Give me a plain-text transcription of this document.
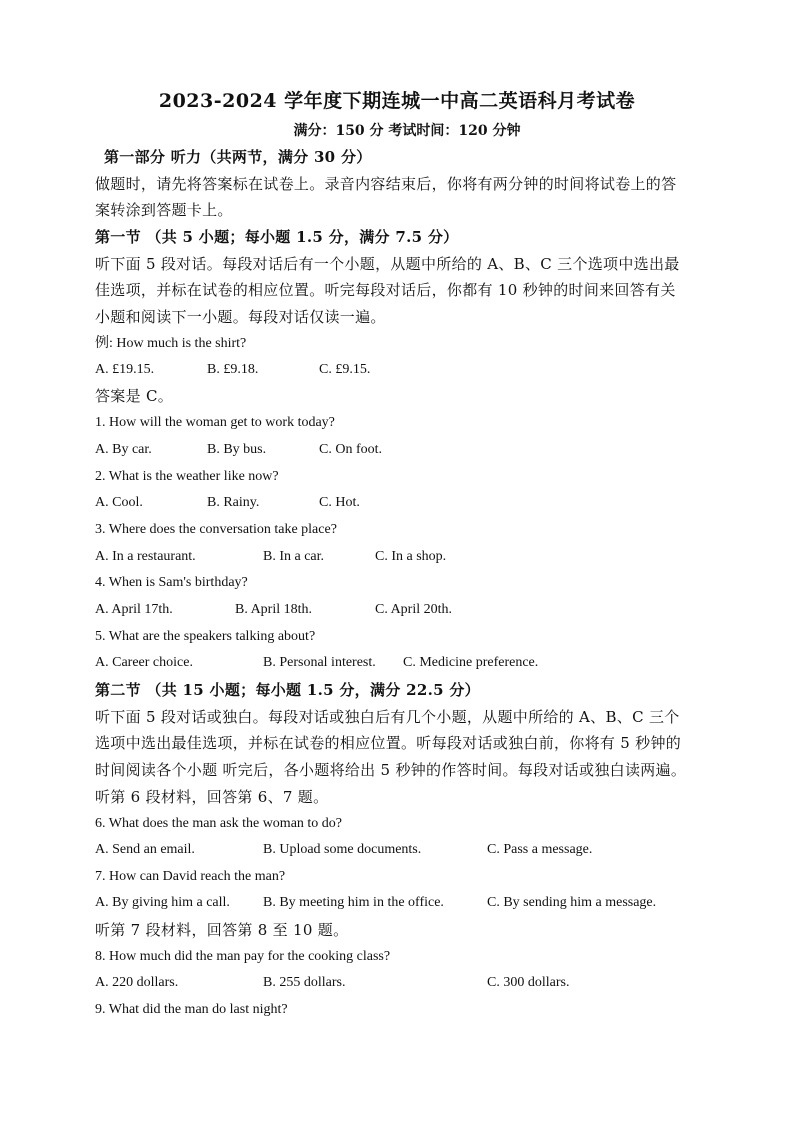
2023-2024 学年度下期连城一中高二英语科月考试卷
满分：150 分 考试时间：120 分钟
第一部分 听力（共两节，满分 30 分）
做题时，请先将答案标在试卷上。录音内容结束后，你将有两分钟的时间将试卷上的答
案转涂到答题卡上。
第一节 （共 5 小题；每小题 1.5 分，满分 7.5 分）
听下面 5 段对话。每段对话后有一个小题，从题中所给的 A、B、C 三个选项中选出最
佳选项，并标在试卷的相应位置。听完每段对话后，你都有 10 秒钟的时间来回答有关
小题和阅读下一小题。每段对话仅读一遍。
例: How much is the shirt?
A. £19.15.	B. £9.18.	C. £9.15.
答案是 C。
1. How will the woman get to work today?
A. By car.	B. By bus.	C. On foot.
2. What is the weather like now?
A. Cool.	B. Rainy.	C. Hot.
3. Where does the conversation take place?
A. In a restaurant.	B. In a car.	C. In a shop.
4. When is Sam's birthday?
A. April 17th.	B. April 18th.	C. April 20th.
5. What are the speakers talking about?
A. Career choice.	B. Personal interest. C. Medicine preference.
第二节 （共 15 小题；每小题 1.5 分，满分 22.5 分）
听下面 5 段对话或独白。每段对话或独白后有几个小题，从题中所给的 A、B、C 三个
选项中选出最佳选项，并标在试卷的相应位置。听每段对话或独白前，你将有 5 秒钟的
时间阅读各个小题 听完后，各小题将给出 5 秒钟的作答时间。每段对话或独白读两遍。
听第 6 段材料，回答第 6、7 题。
6. What does the man ask the woman to do?
A. Send an email.	B. Upload some documents.	C. Pass a message.
7. How can David reach the man?
A. By giving him a call. B. By meeting him in the office.	C. By sending him a message.
听第 7 段材料，回答第 8 至 10 题。
8. How much did the man pay for the cooking class?
A. 220 dollars.	B. 255 dollars.	C. 300 dollars.
9. What did the man do last night?
